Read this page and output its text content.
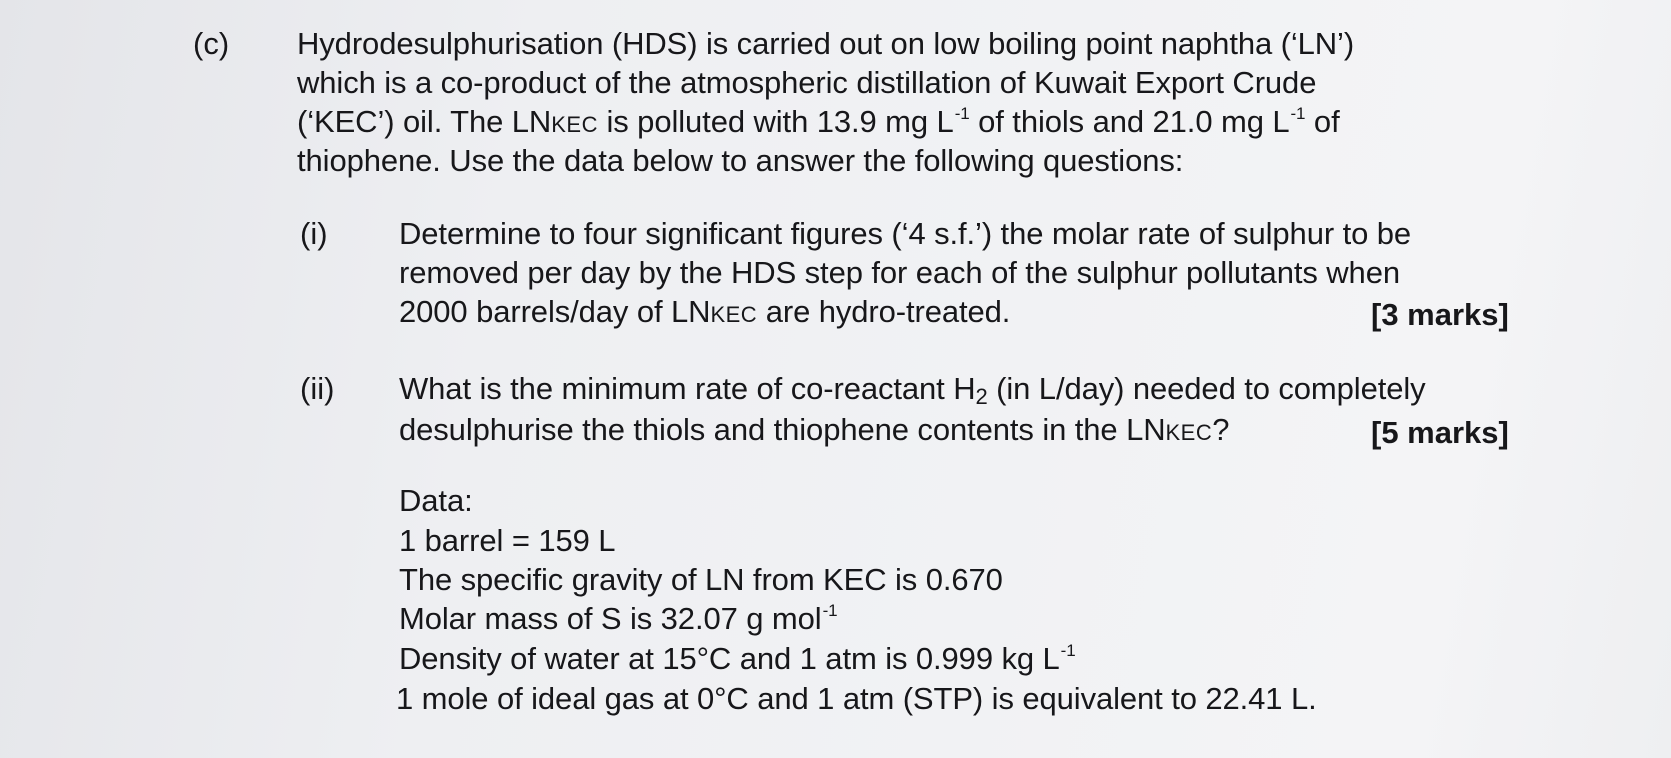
(c) Hydrodesulphurisation (HDS) is carried out on low boiling point naphtha (‘LN’)
which is a co-product of the atmospheric distillation of Kuwait Export Crude
(‘KEC’) oil. The LNKEC is polluted with 13.9 mg $L^{-1}$ of thiols and 21.0 mg $L^{-1}$ of
thiophene. Use the data below to answer the following questions:
(i) Determine to four significant figures (‘4 s.f.’) the molar rate of sulphur to be
removed per day by the HDS step for each of the sulphur pollutants when
2000 barrels/day of LNKEC are hydro-treated.	[3 marks]
(ii) What is the minimum rate of co-reactant H2 (in L/day) needed to completely
desulphurise the thiols and thiophene contents in the LNKEC?	[5 marks]
Data:
1 barrel = 159 L
The specific gravity of LN from KEC is 0.670
Molar mass of S is 32.07 g mol$^{-1}$
Density of water at 15°C and 1 atm is 0.999 kg $L^{-1}$
1 mole of ideal gas at 0°C and 1 atm (STP) is equivalent to 22.41 L.
